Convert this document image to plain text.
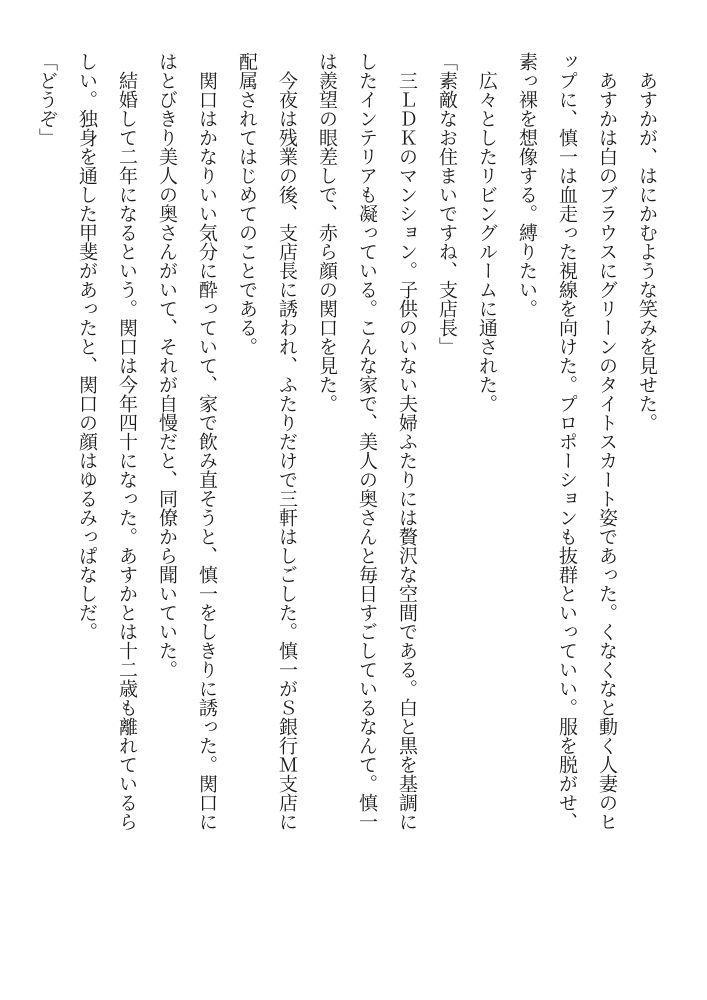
　あすかが、はにかむような笑みを見せた。
　あすかは白のブラウスにグリーンのタイトスカート姿であった。くなくなと動く人妻のヒ
ップに、慎一は血走った視線を向けた。プロポーションも抜群といっていい。服を脱がせ、
素っ裸を想像する。縛りたい。
　広々としたリビングルームに通された。
「素敵なお住まいですね、支店長」
　三ＬＤＫのマンション。子供のいない夫婦ふたりには贅沢な空間である。白と黒を基調に
したインテリアも凝っている。こんな家で、美人の奥さんと毎日すごしているなんて。慎一
は羨望の眼差しで、赤ら顔の関口を見た。
　今夜は残業の後、支店長に誘われ、ふたりだけで三軒はしごした。慎一がＳ銀行Ｍ支店に
配属されてはじめてのことである。
　関口はかなりいい気分に酔っていて、家で飲み直そうと、慎一をしきりに誘った。関口に
はとびきり美人の奥さんがいて、それが自慢だと、同僚から聞いていた。
　結婚して二年になるという。関口は今年四十になった。あすかとは十二歳も離れているら
しい。独身を通した甲斐があったと、関口の顔はゆるみっぱなしだ。
「どうぞ」
